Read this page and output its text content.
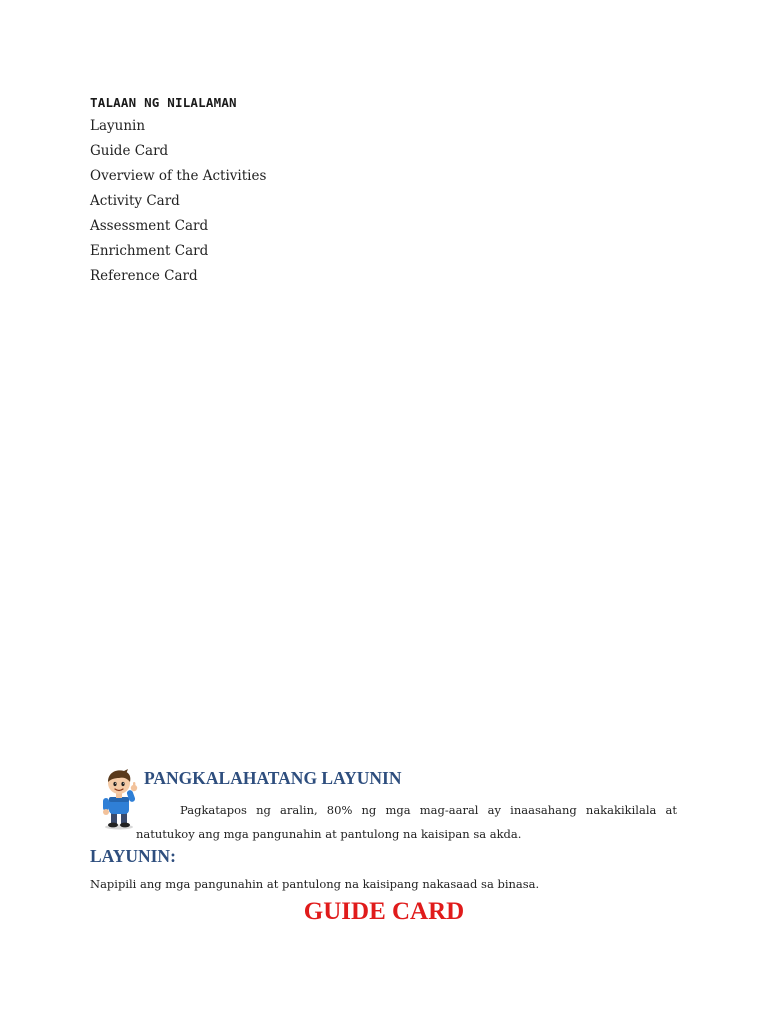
TALAAN NG NILALAMAN
Layunin
Guide Card
Overview of the Activities
Activity Card
Assessment Card
Enrichment Card
Reference Card
PANGKALAHATANG LAYUNIN

Pagkatapos ng aralin, 80% ng mga mag-aaral ay inaasahang nakakikilala at natutukoy ang mga pangunahin at pantulong na kaisipan sa akda.

LAYUNIN:

Napipili ang mga pangunahin at pantulong na kaisipang nakasaad sa binasa.

GUIDE CARD
